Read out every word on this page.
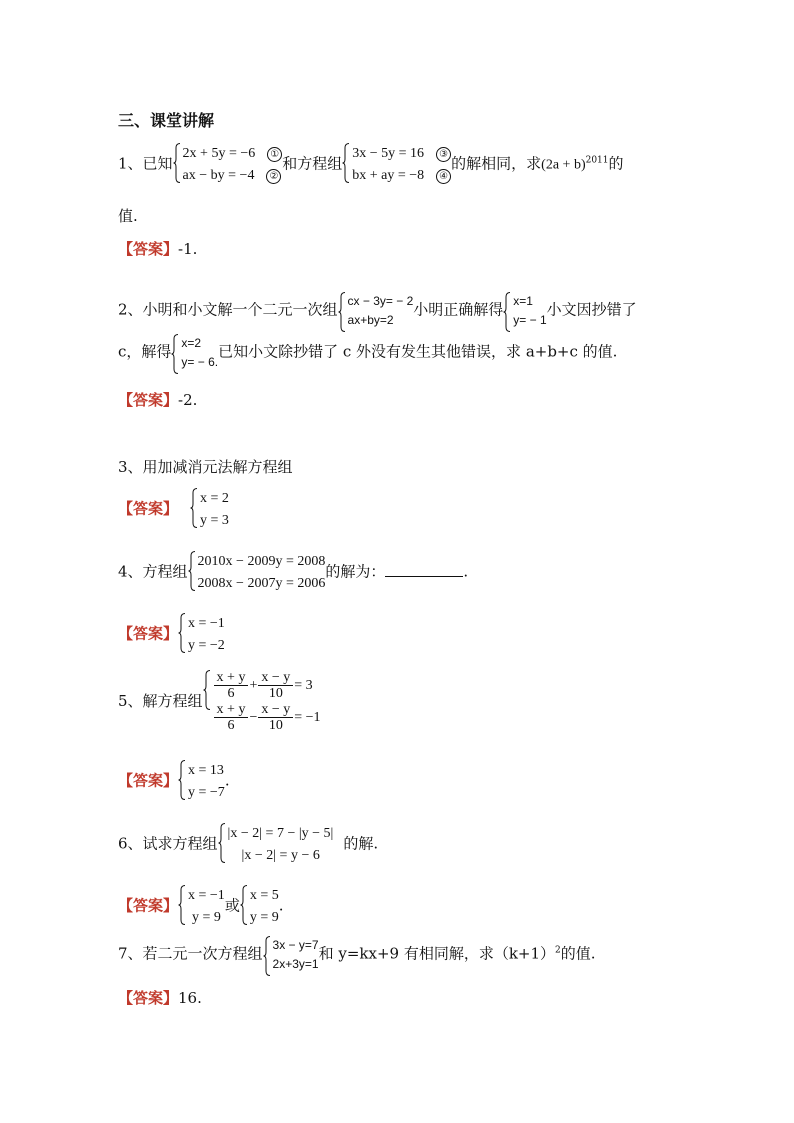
三、课堂讲解
1、已知
2x + 5y = −6 ①
ax − by = −4 ②
和方程组
3x − 5y = 16 ③
bx + ay = −8 ④
的解相同，求$(2a + b)^{2011}$的
值.
【答案】-1.
2、小明和小文解一个二元一次组 cx − 3y= − 2
ax+by=2
小明正确解得 x=1
y= − 1
小文因抄错了
c，解得 x=2
y= − 6.
已知小文除抄错了 c 外没有发生其他错误，求 a+b+c 的值.
【答案】-2.
3、用加减消元法解方程组
【答案】
x = 2
y = 3
4、方程组
2010x − 2009y = 2008
2008x − 2007y = 2006
的解为：	.
【答案】
x = −1
y = −2
5、解方程组 $\frac{x + y}{6} + \frac{x - y}{10} = 3$
$\frac{x + y}{6} - \frac{x - y}{10} = -1$
【答案】
x = 13
y = −7
.
6、试求方程组
|x − 2| = 7 − |y − 5|
|x − 2| = y − 6
的解.
【答案】
x = −1
y = 9
或
x = 5
y = 9
.
7、若二元一次方程组 3x − y=7
2x+3y=1
和 y=kx+9 有相同解，求$(k+1)^2$的值.
【答案】16.
